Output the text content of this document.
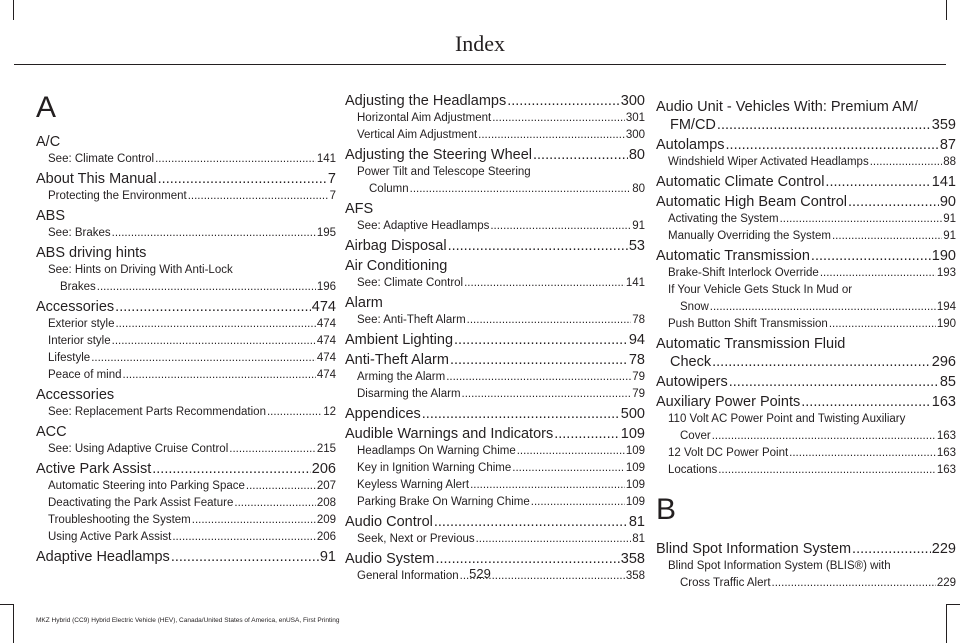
Index
A
A/C
See: Climate Control .....	141
About This Manual .....	7
Protecting the Environment .....	7
ABS
See: Brakes .....	195
ABS driving hints
See: Hints on Driving With Anti-Lock
Brakes .....	196
Accessories .....	474
Exterior style .....	474
Interior style .....	474
Lifestyle .....	474
Peace of mind .....	474
Accessories
See: Replacement Parts Recommendation .....	12
ACC
See: Using Adaptive Cruise Control .....	215
Active Park Assist .....	206
Automatic Steering into Parking Space .....	207
Deactivating the Park Assist Feature .....	208
Troubleshooting the System .....	209
Using Active Park Assist .....	206
Adaptive Headlamps .....	91
Adjusting the Headlamps .....	300
Horizontal Aim Adjustment .....	301
Vertical Aim Adjustment .....	300
Adjusting the Steering Wheel .....	80
Power Tilt and Telescope Steering
Column .....	80
AFS
See: Adaptive Headlamps .....	91
Airbag Disposal .....	53
Air Conditioning
See: Climate Control .....	141
Alarm
See: Anti-Theft Alarm .....	78
Ambient Lighting .....	94
Anti-Theft Alarm .....	78
Arming the Alarm .....	79
Disarming the Alarm .....	79
Appendices .....	500
Audible Warnings and Indicators .....	109
Headlamps On Warning Chime .....	109
Key in Ignition Warning Chime .....	109
Keyless Warning Alert .....	109
Parking Brake On Warning Chime .....	109
Audio Control .....	81
Seek, Next or Previous .....	81
Audio System .....	358
General Information .....	358
Audio Unit - Vehicles With: Premium AM/
FM/CD .....	359
Autolamps .....	87
Windshield Wiper Activated Headlamps .....	88
Automatic Climate Control .....	141
Automatic High Beam Control .....	90
Activating the System .....	91
Manually Overriding the System .....	91
Automatic Transmission .....	190
Brake-Shift Interlock Override .....	193
If Your Vehicle Gets Stuck In Mud or
Snow .....	194
Push Button Shift Transmission .....	190
Automatic Transmission Fluid
Check .....	296
Autowipers .....	85
Auxiliary Power Points .....	163
110 Volt AC Power Point and Twisting Auxiliary
Cover .....	163
12 Volt DC Power Point .....	163
Locations .....	163
B
Blind Spot Information System .....	229
Blind Spot Information System (BLIS®) with
Cross Traffic Alert .....	229
529
MKZ Hybrid (CC9) Hybrid Electric Vehicle (HEV), Canada/United States of America, enUSA, First Printing
